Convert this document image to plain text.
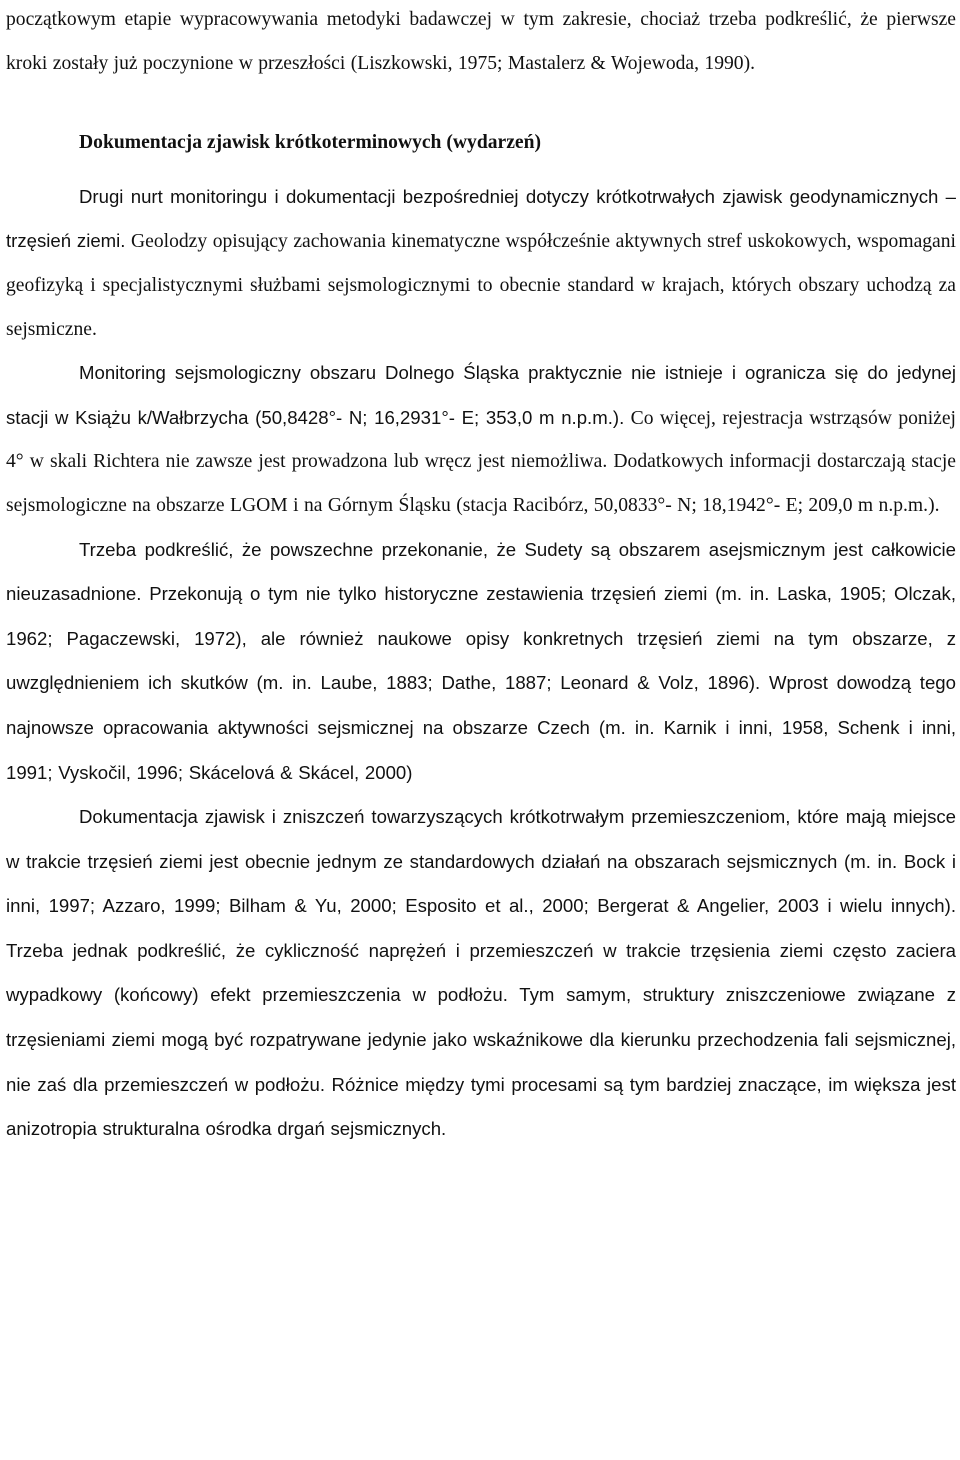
początkowym etapie wypracowywania metodyki badawczej w tym zakresie, chociaż trzeba podkreślić, że pierwsze kroki zostały już poczynione w przeszłości (Liszkowski, 1975; Mastalerz & Wojewoda, 1990).

Dokumentacja zjawisk krótkoterminowych (wydarzeń)

Drugi nurt monitoringu i dokumentacji bezpośredniej dotyczy krótkotrwałych zjawisk geodynamicznych – trzęsień ziemi. Geolodzy opisujący zachowania kinematyczne współcześnie aktywnych stref uskokowych, wspomagani geofizyką i specjalistycznymi służbami sejsmologicznymi to obecnie standard w krajach, których obszary uchodzą za sejsmiczne.

Monitoring sejsmologiczny obszaru Dolnego Śląska praktycznie nie istnieje i ogranicza się do jedynej stacji w Książu k/Wałbrzycha (50,8428°- N; 16,2931°- E; 353,0 m n.p.m.). Co więcej, rejestracja wstrząsów poniżej 4° w skali Richtera nie zawsze jest prowadzona lub wręcz jest niemożliwa. Dodatkowych informacji dostarczają stacje sejsmologiczne na obszarze LGOM i na Górnym Śląsku (stacja Racibórz, 50,0833°- N; 18,1942°- E; 209,0 m n.p.m.).

Trzeba podkreślić, że powszechne przekonanie, że Sudety są obszarem asejsmicznym jest całkowicie nieuzasadnione. Przekonują o tym nie tylko historyczne zestawienia trzęsień ziemi (m. in. Laska, 1905; Olczak, 1962; Pagaczewski, 1972), ale również naukowe opisy konkretnych trzęsień ziemi na tym obszarze, z uwzględnieniem ich skutków (m. in. Laube, 1883; Dathe, 1887; Leonard & Volz, 1896). Wprost dowodzą tego najnowsze opracowania aktywności sejsmicznej na obszarze Czech (m. in. Karnik i inni, 1958, Schenk i inni, 1991; Vyskočil, 1996; Skácelová & Skácel, 2000)

Dokumentacja zjawisk i zniszczeń towarzyszących krótkotrwałym przemieszczeniom, które mają miejsce w trakcie trzęsień ziemi jest obecnie jednym ze standardowych działań na obszarach sejsmicznych (m. in. Bock i inni, 1997; Azzaro, 1999; Bilham & Yu, 2000; Esposito et al., 2000; Bergerat & Angelier, 2003 i wielu innych). Trzeba jednak podkreślić, że cykliczność naprężeń i przemieszczeń w trakcie trzęsienia ziemi często zaciera wypadkowy (końcowy) efekt przemieszczenia w podłożu. Tym samym, struktury zniszczeniowe związane z trzęsieniami ziemi mogą być rozpatrywane jedynie jako wskaźnikowe dla kierunku przechodzenia fali sejsmicznej, nie zaś dla przemieszczeń w podłożu. Różnice między tymi procesami są tym bardziej znaczące, im większa jest anizotropia strukturalna ośrodka drgań sejsmicznych.
